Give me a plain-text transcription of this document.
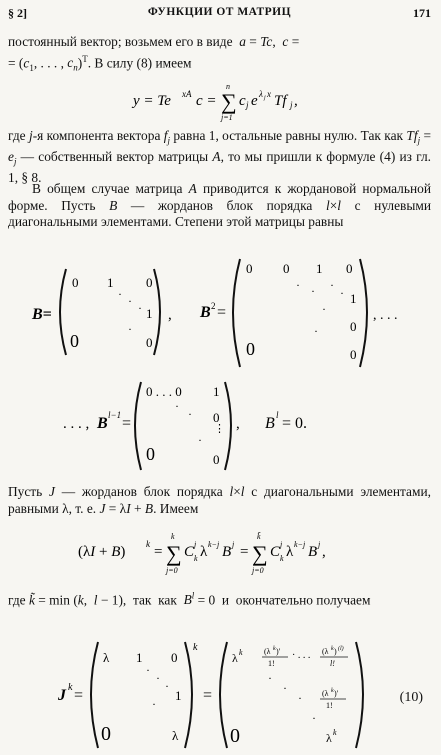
§ 2]	ФУНКЦИИ ОТ МАТРИЦ	171

постоянный вектор; возьмем его в виде  a = Tc,  c =

= ($c_1$, . . . , $c_n)^T$. В силу (8) имеем

y = Te xA c = ∑
n
j=1
c j e λ j x Tf j ,

где j-я компонента вектора $f_j$ равна 1, остальные равны нулю. Так как $Tf_j = e_j$ — собственный вектор матрицы A, то мы пришли к формуле (4) из гл. 1, § 8.

В общем случае матрица A приводится к жордановой нормальной форме. Пусть B — жорданов блок порядка l×l с нулевыми диагональными элементами. Степени этой матрицы равны

B=
0 1	0
· · · 1
0
·
0
, B 2 =
0 0 1 0
· · ·
· 1
·
0
0
·
0
, . . .
. . . , B l−1 =
0 . . . 0 1
·
· 0
⋮
0
·
0
, B l = 0.

Пусть J — жорданов блок порядка l×l с диагональными элементами, равными λ, т. е. J = λI + B. Имеем

(λI + B) k = ∑
k
j=0
C j
k λ k−j B j = ∑
k̃
j=0
C j
k λ k−j B j ,

где k̃ = min (k,  l − 1),  так  как  $B^l = 0$  и  окончательно получаем

J k =
λ 1 0
·
·
·
1
·
0	λ
k
=
λ k	(λ k )′
1!
· . . . (λ k ) (l)
l!
·
·
·	(λ k )′
1!
·
0	λ k
(10)
